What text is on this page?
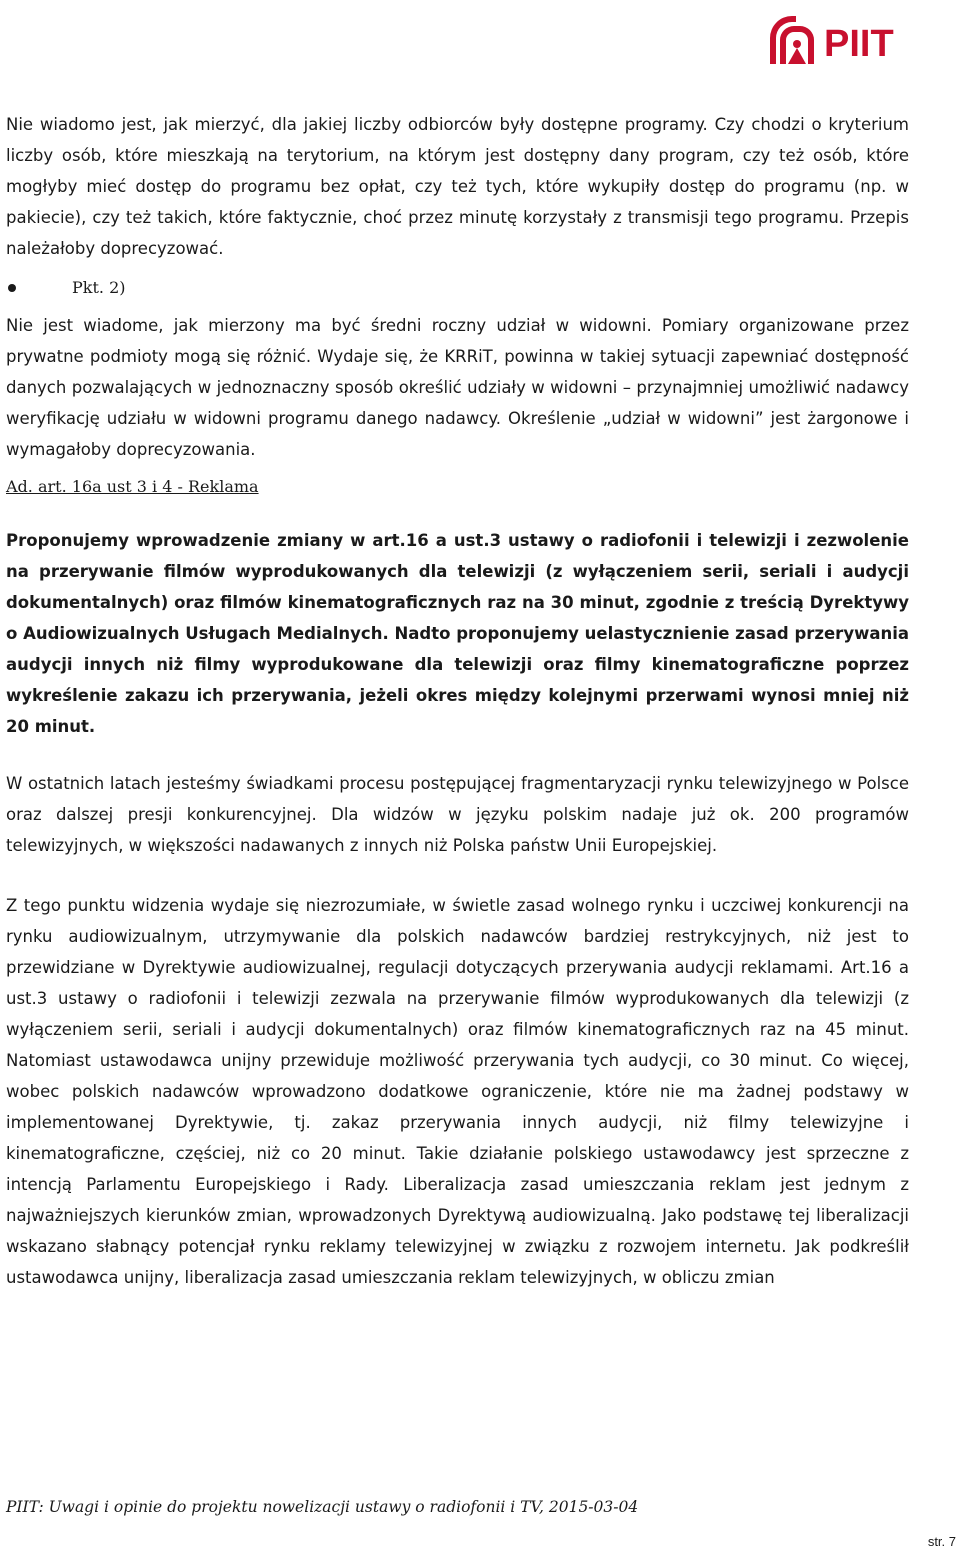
PIIT

Nie wiadomo jest, jak mierzyć, dla jakiej liczby odbiorców były dostępne programy. Czy chodzi o kryterium liczby osób, które mieszkają na terytorium, na którym jest dostępny dany program, czy też osób, które mogłyby mieć dostęp do programu bez opłat, czy też tych, które wykupiły dostęp do programu (np. w pakiecie), czy też takich, które faktycznie, choć przez minutę korzystały z transmisji tego programu. Przepis należałoby doprecyzować.

Pkt. 2)

Nie jest wiadome, jak mierzony ma być średni roczny udział w widowni. Pomiary organizowane przez prywatne podmioty mogą się różnić. Wydaje się, że KRRiT, powinna w takiej sytuacji zapewniać dostępność danych pozwalających w jednoznaczny sposób określić udziały w widowni – przynajmniej umożliwić nadawcy weryfikację udziału w widowni programu danego nadawcy. Określenie „udział w widowni” jest żargonowe i wymagałoby doprecyzowania.

Ad. art. 16a ust 3 i 4 - Reklama

Proponujemy wprowadzenie zmiany w art.16 a ust.3 ustawy o radiofonii i telewizji i zezwolenie na przerywanie filmów wyprodukowanych dla telewizji (z wyłączeniem serii, seriali i audycji dokumentalnych) oraz filmów kinematograficznych raz na 30 minut, zgodnie z treścią Dyrektywy o Audiowizualnych Usługach Medialnych. Nadto proponujemy uelastycznienie zasad przerywania audycji innych niż filmy wyprodukowane dla telewizji oraz filmy kinematograficzne poprzez wykreślenie zakazu ich przerywania, jeżeli okres między kolejnymi przerwami wynosi mniej niż 20 minut.

W ostatnich latach jesteśmy świadkami procesu postępującej fragmentaryzacji rynku telewizyjnego w Polsce oraz dalszej presji konkurencyjnej. Dla widzów w języku polskim nadaje już ok. 200 programów telewizyjnych, w większości nadawanych z innych niż Polska państw Unii Europejskiej.

Z tego punktu widzenia wydaje się niezrozumiałe, w świetle zasad wolnego rynku i uczciwej konkurencji na rynku audiowizualnym, utrzymywanie dla polskich nadawców bardziej restrykcyjnych, niż jest to przewidziane w Dyrektywie audiowizualnej, regulacji dotyczących przerywania audycji reklamami. Art.16 a ust.3 ustawy o radiofonii i telewizji zezwala na przerywanie filmów wyprodukowanych dla telewizji (z wyłączeniem serii, seriali i audycji dokumentalnych) oraz filmów kinematograficznych raz na 45 minut. Natomiast ustawodawca unijny przewiduje możliwość przerywania tych audycji, co 30 minut. Co więcej, wobec polskich nadawców wprowadzono dodatkowe ograniczenie, które nie ma żadnej podstawy w implementowanej Dyrektywie, tj. zakaz przerywania innych audycji, niż filmy telewizyjne i kinematograficzne, częściej, niż co 20 minut. Takie działanie polskiego ustawodawcy jest sprzeczne z intencją Parlamentu Europejskiego i Rady. Liberalizacja zasad umieszczania reklam jest jednym z najważniejszych kierunków zmian, wprowadzonych Dyrektywą audiowizualną. Jako podstawę tej liberalizacji wskazano słabnący potencjał rynku reklamy telewizyjnej w związku z rozwojem internetu. Jak podkreślił ustawodawca unijny, liberalizacja zasad umieszczania reklam telewizyjnych, w obliczu zmian

PIIT: Uwagi i opinie do projektu nowelizacji ustawy o radiofonii i TV, 2015-03-04
str. 7
